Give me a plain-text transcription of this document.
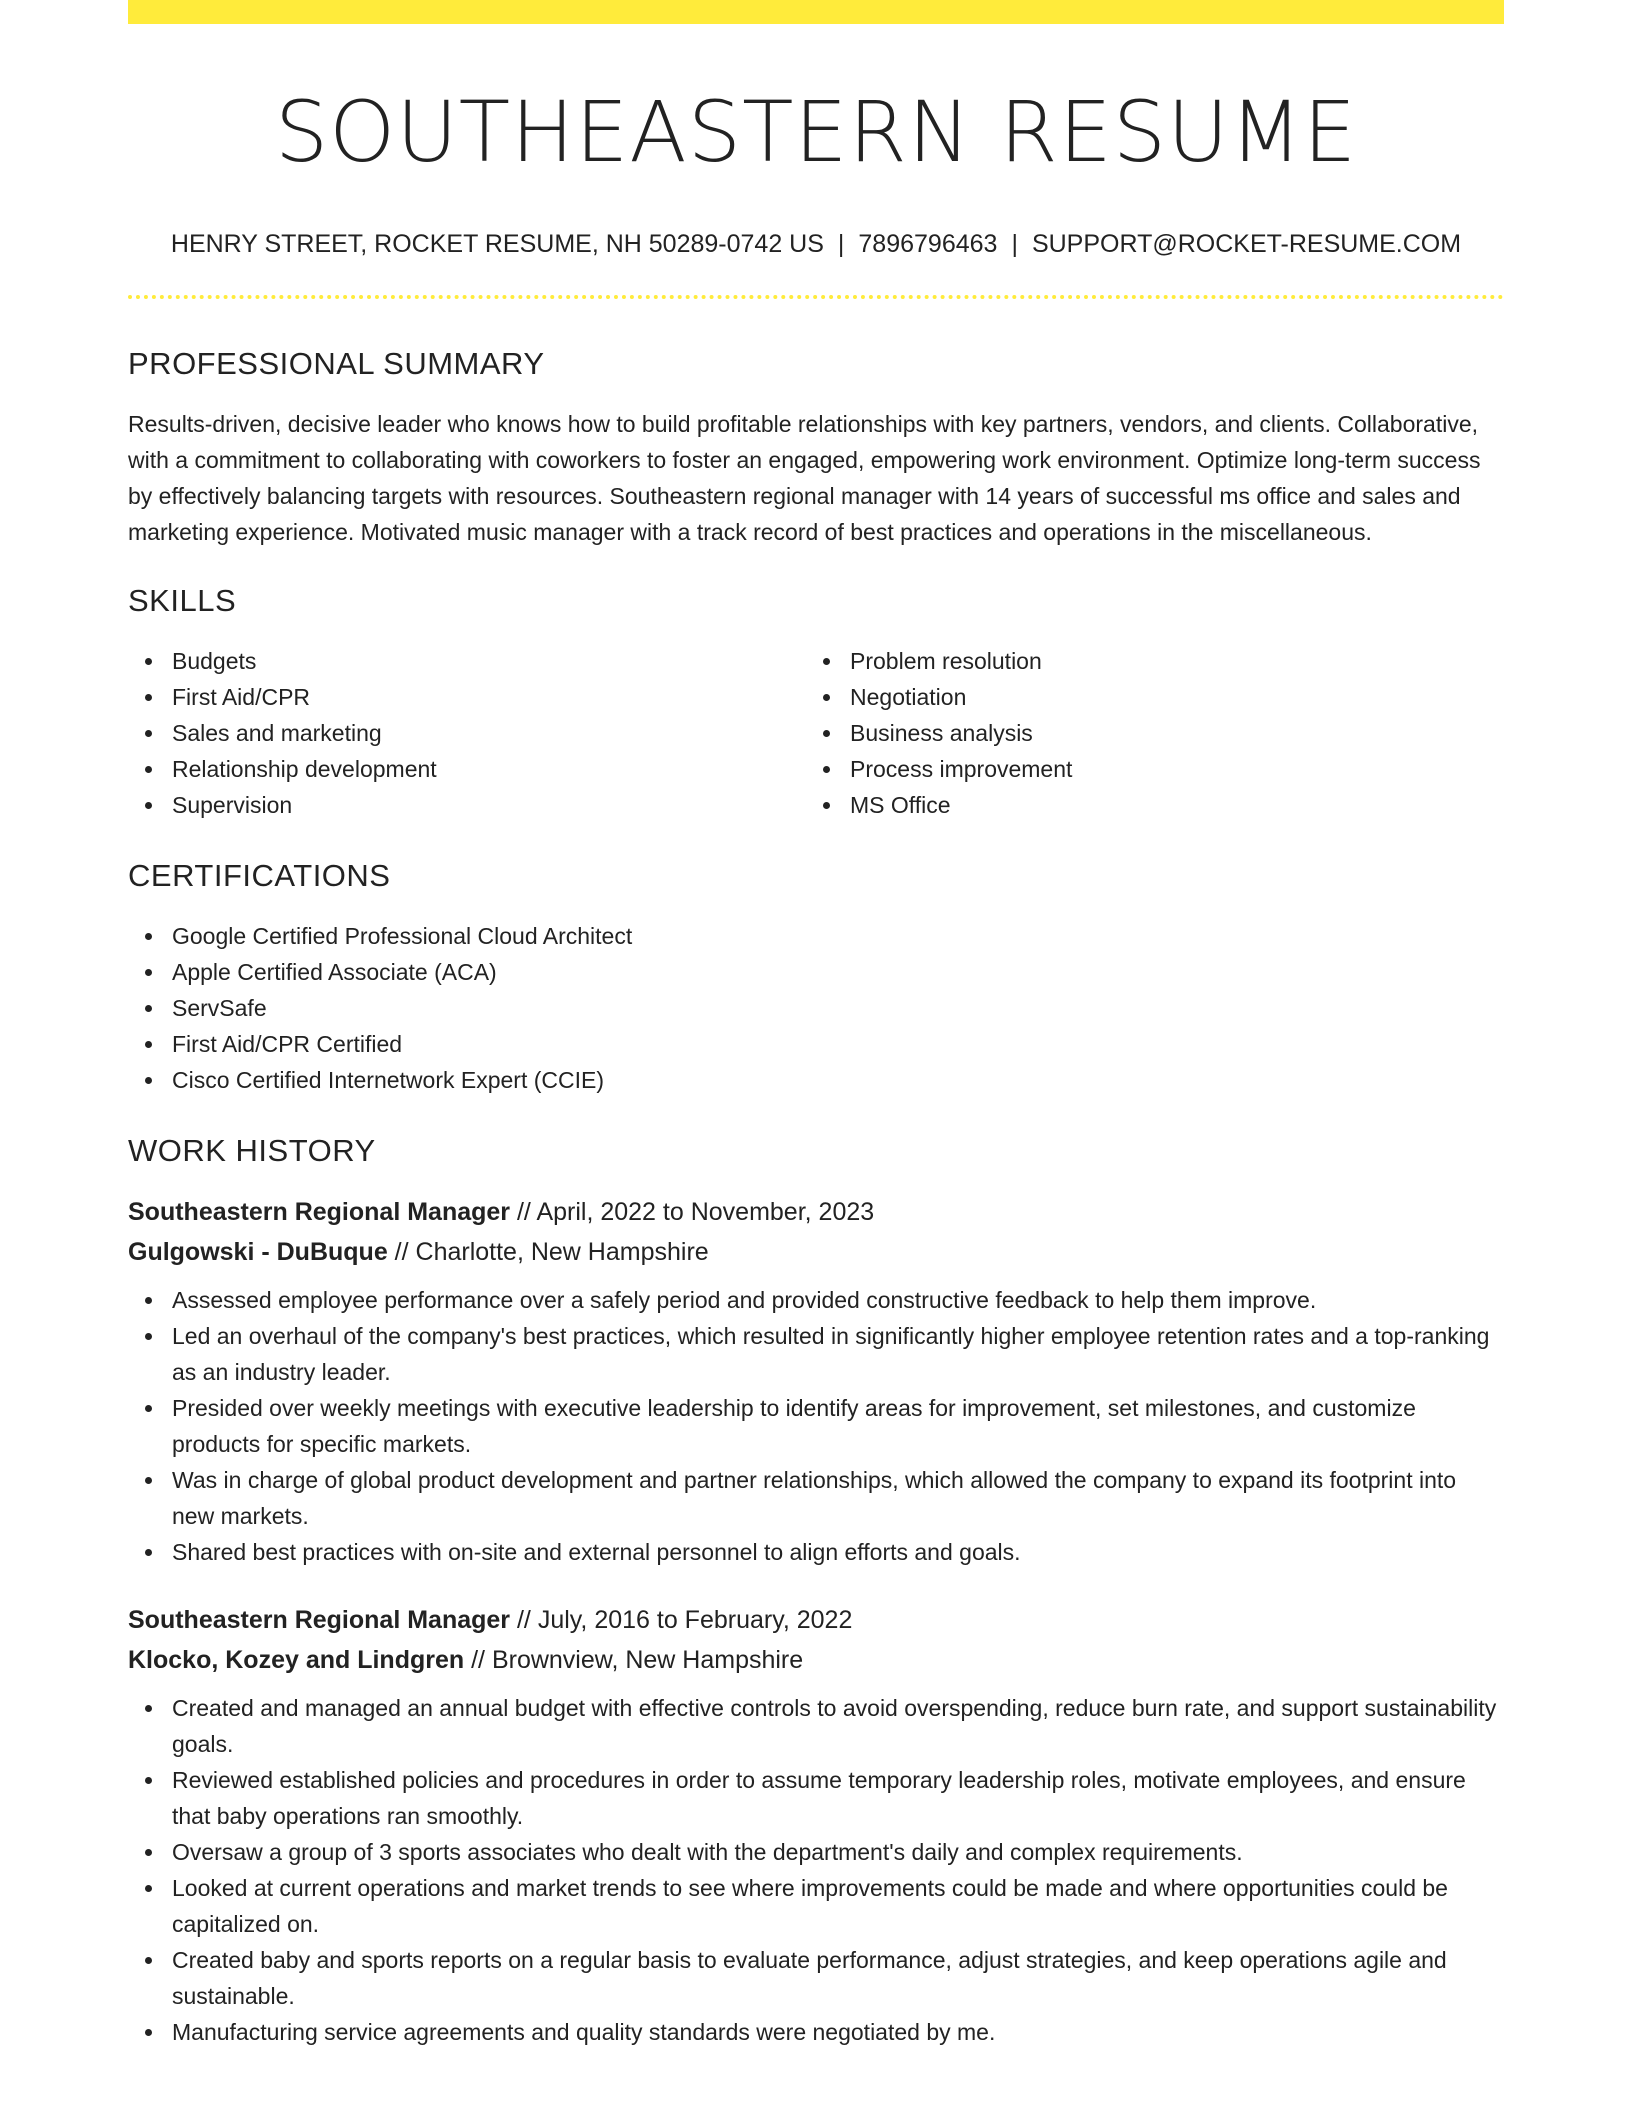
SOUTHEASTERN RESUME
HENRY STREET, ROCKET RESUME, NH 50289-0742 US | 7896796463 | SUPPORT@ROCKET-RESUME.COM
PROFESSIONAL SUMMARY

Results-driven, decisive leader who knows how to build profitable relationships with key partners, vendors, and clients. Collaborative, with a commitment to collaborating with coworkers to foster an engaged, empowering work environment. Optimize long-term success by effectively balancing targets with resources. Southeastern regional manager with 14 years of successful ms office and sales and marketing experience. Motivated music manager with a track record of best practices and operations in the miscellaneous.

SKILLS
Budgets
First Aid/CPR
Sales and marketing
Relationship development
Supervision
Problem resolution
Negotiation
Business analysis
Process improvement
MS Office
CERTIFICATIONS
Google Certified Professional Cloud Architect
Apple Certified Associate (ACA)
ServSafe
First Aid/CPR Certified
Cisco Certified Internetwork Expert (CCIE)
WORK HISTORY
Southeastern Regional Manager // April, 2022 to November, 2023
Gulgowski - DuBuque // Charlotte, New Hampshire
Assessed employee performance over a safely period and provided constructive feedback to help them improve.
Led an overhaul of the company's best practices, which resulted in significantly higher employee retention rates and a top-ranking as an industry leader.
Presided over weekly meetings with executive leadership to identify areas for improvement, set milestones, and customize products for specific markets.
Was in charge of global product development and partner relationships, which allowed the company to expand its footprint into new markets.
Shared best practices with on-site and external personnel to align efforts and goals.
Southeastern Regional Manager // July, 2016 to February, 2022
Klocko, Kozey and Lindgren // Brownview, New Hampshire
Created and managed an annual budget with effective controls to avoid overspending, reduce burn rate, and support sustainability goals.
Reviewed established policies and procedures in order to assume temporary leadership roles, motivate employees, and ensure that baby operations ran smoothly.
Oversaw a group of 3 sports associates who dealt with the department's daily and complex requirements.
Looked at current operations and market trends to see where improvements could be made and where opportunities could be capitalized on.
Created baby and sports reports on a regular basis to evaluate performance, adjust strategies, and keep operations agile and sustainable.
Manufacturing service agreements and quality standards were negotiated by me.
